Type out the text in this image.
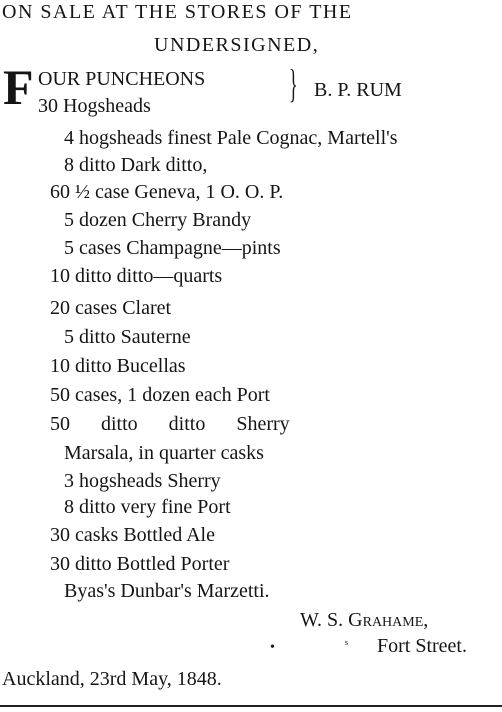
ON SALE AT THE STORES OF THE
UNDERSIGNED,
F OUR PUNCHEONS
30 Hogsheads	} B. P. RUM
4 hogsheads finest Pale Cognac, Martell's
8 ditto Dark ditto,
60 ½ case Geneva, 1 O. O. P.
5 dozen Cherry Brandy
5 cases Champagne—pints
10 ditto ditto—quarts
20 cases Claret
5 ditto Sauterne
10 ditto Bucellas
50 cases, 1 dozen each Port
50 ditto ditto Sherry
Marsala, in quarter casks
3 hogsheads Sherry
8 ditto very fine Port
30 casks Bottled Ale
30 ditto Bottled Porter
Byas's Dunbar's Marzetti.
W. S. Grahame,
•	ˢ Fort Street.
Auckland, 23rd May, 1848.
